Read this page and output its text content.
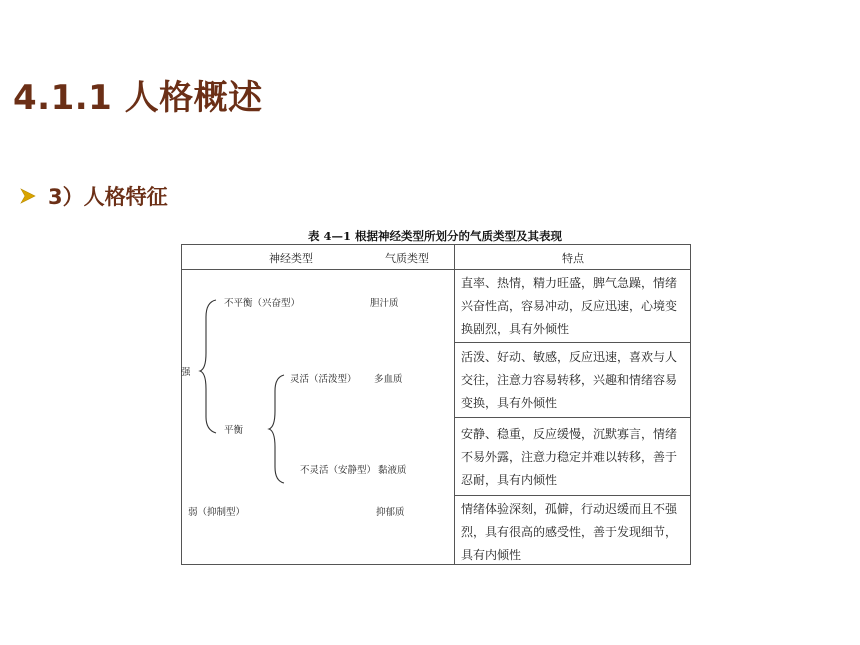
4.1.1 人格概述
3）人格特征
表 4—1 根据神经类型所划分的气质类型及其表现
神经类型	气质类型	特点
强
不平衡（兴奋型）
平衡
灵活（活泼型）
不灵活（安静型）
弱（抑制型）
胆汁质
多血质
黏液质
抑郁质
直率、热情，精力旺盛，脾气急躁，情绪兴奋性高，容易冲动，反应迅速，心境变换剧烈，具有外倾性
活泼、好动、敏感，反应迅速，喜欢与人交往，注意力容易转移，兴趣和情绪容易变换，具有外倾性
安静、稳重，反应缓慢，沉默寡言，情绪不易外露，注意力稳定并难以转移，善于忍耐，具有内倾性
情绪体验深刻，孤僻，行动迟缓而且不强烈，具有很高的感受性，善于发现细节，具有内倾性
